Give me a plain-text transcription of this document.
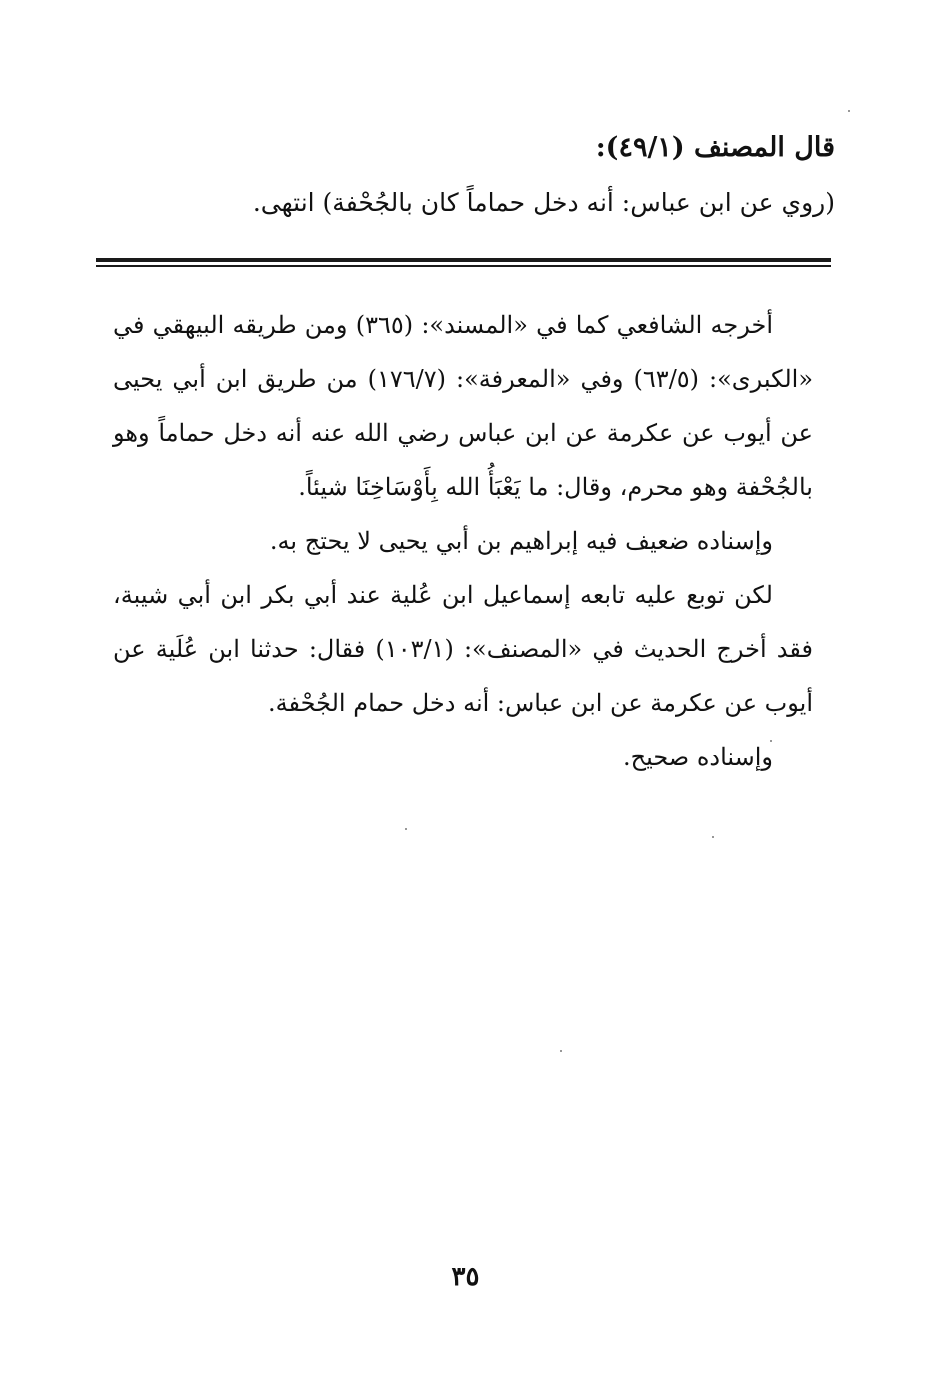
قال المصنف (٤٩/١):
(روي عن ابن عباس: أنه دخل حماماً كان بالجُحْفة) انتهى.

أخرجه الشافعي كما في «المسند»: (٣٦٥) ومن طريقه البيهقي في «الكبرى»: (٦٣/٥) وفي «المعرفة»: (١٧٦/٧) من طريق ابن أبي يحيى عن أيوب عن عكرمة عن ابن عباس رضي الله عنه أنه دخل حماماً وهو بالجُحْفة وهو محرم، وقال: ما يَعْبَأُ الله بِأَوْسَاخِنَا شيئاً.

وإسناده ضعيف فيه إبراهيم بن أبي يحيى لا يحتج به.

لكن توبع عليه تابعه إسماعيل ابن عُلية عند أبي بكر ابن أبي شيبة، فقد أخرج الحديث في «المصنف»: (١٠٣/١) فقال: حدثنا ابن عُلَية عن أيوب عن عكرمة عن ابن عباس: أنه دخل حمام الجُحْفة.

وإسناده صحيح.

٣٥
